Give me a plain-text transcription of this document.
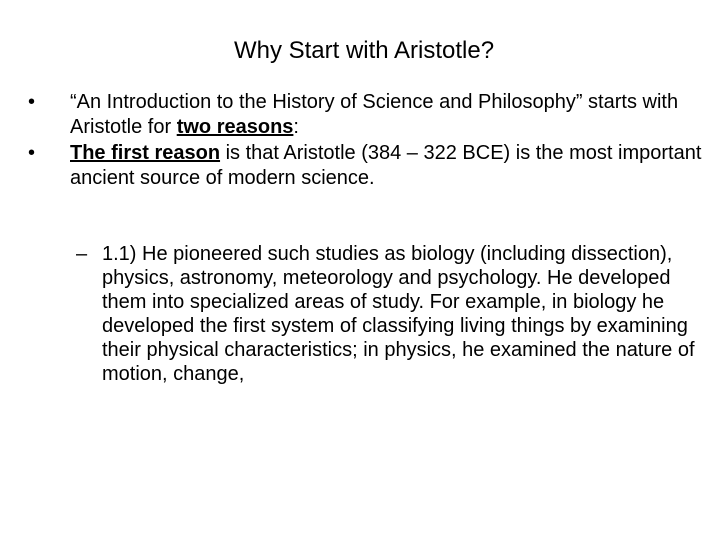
Why Start with Aristotle?
•	“An Introduction to the History of Science and Philosophy” starts with Aristotle for two reasons:
•	The first reason is that Aristotle (384 – 322 BCE) is the most important ancient source of modern science.
– 1.1) He pioneered such studies as biology (including dissection), physics, astronomy, meteorology and psychology. He developed them into specialized areas of study. For example, in biology he developed the first system of classifying living things by examining their physical characteristics; in physics, he examined the nature of motion, change,
